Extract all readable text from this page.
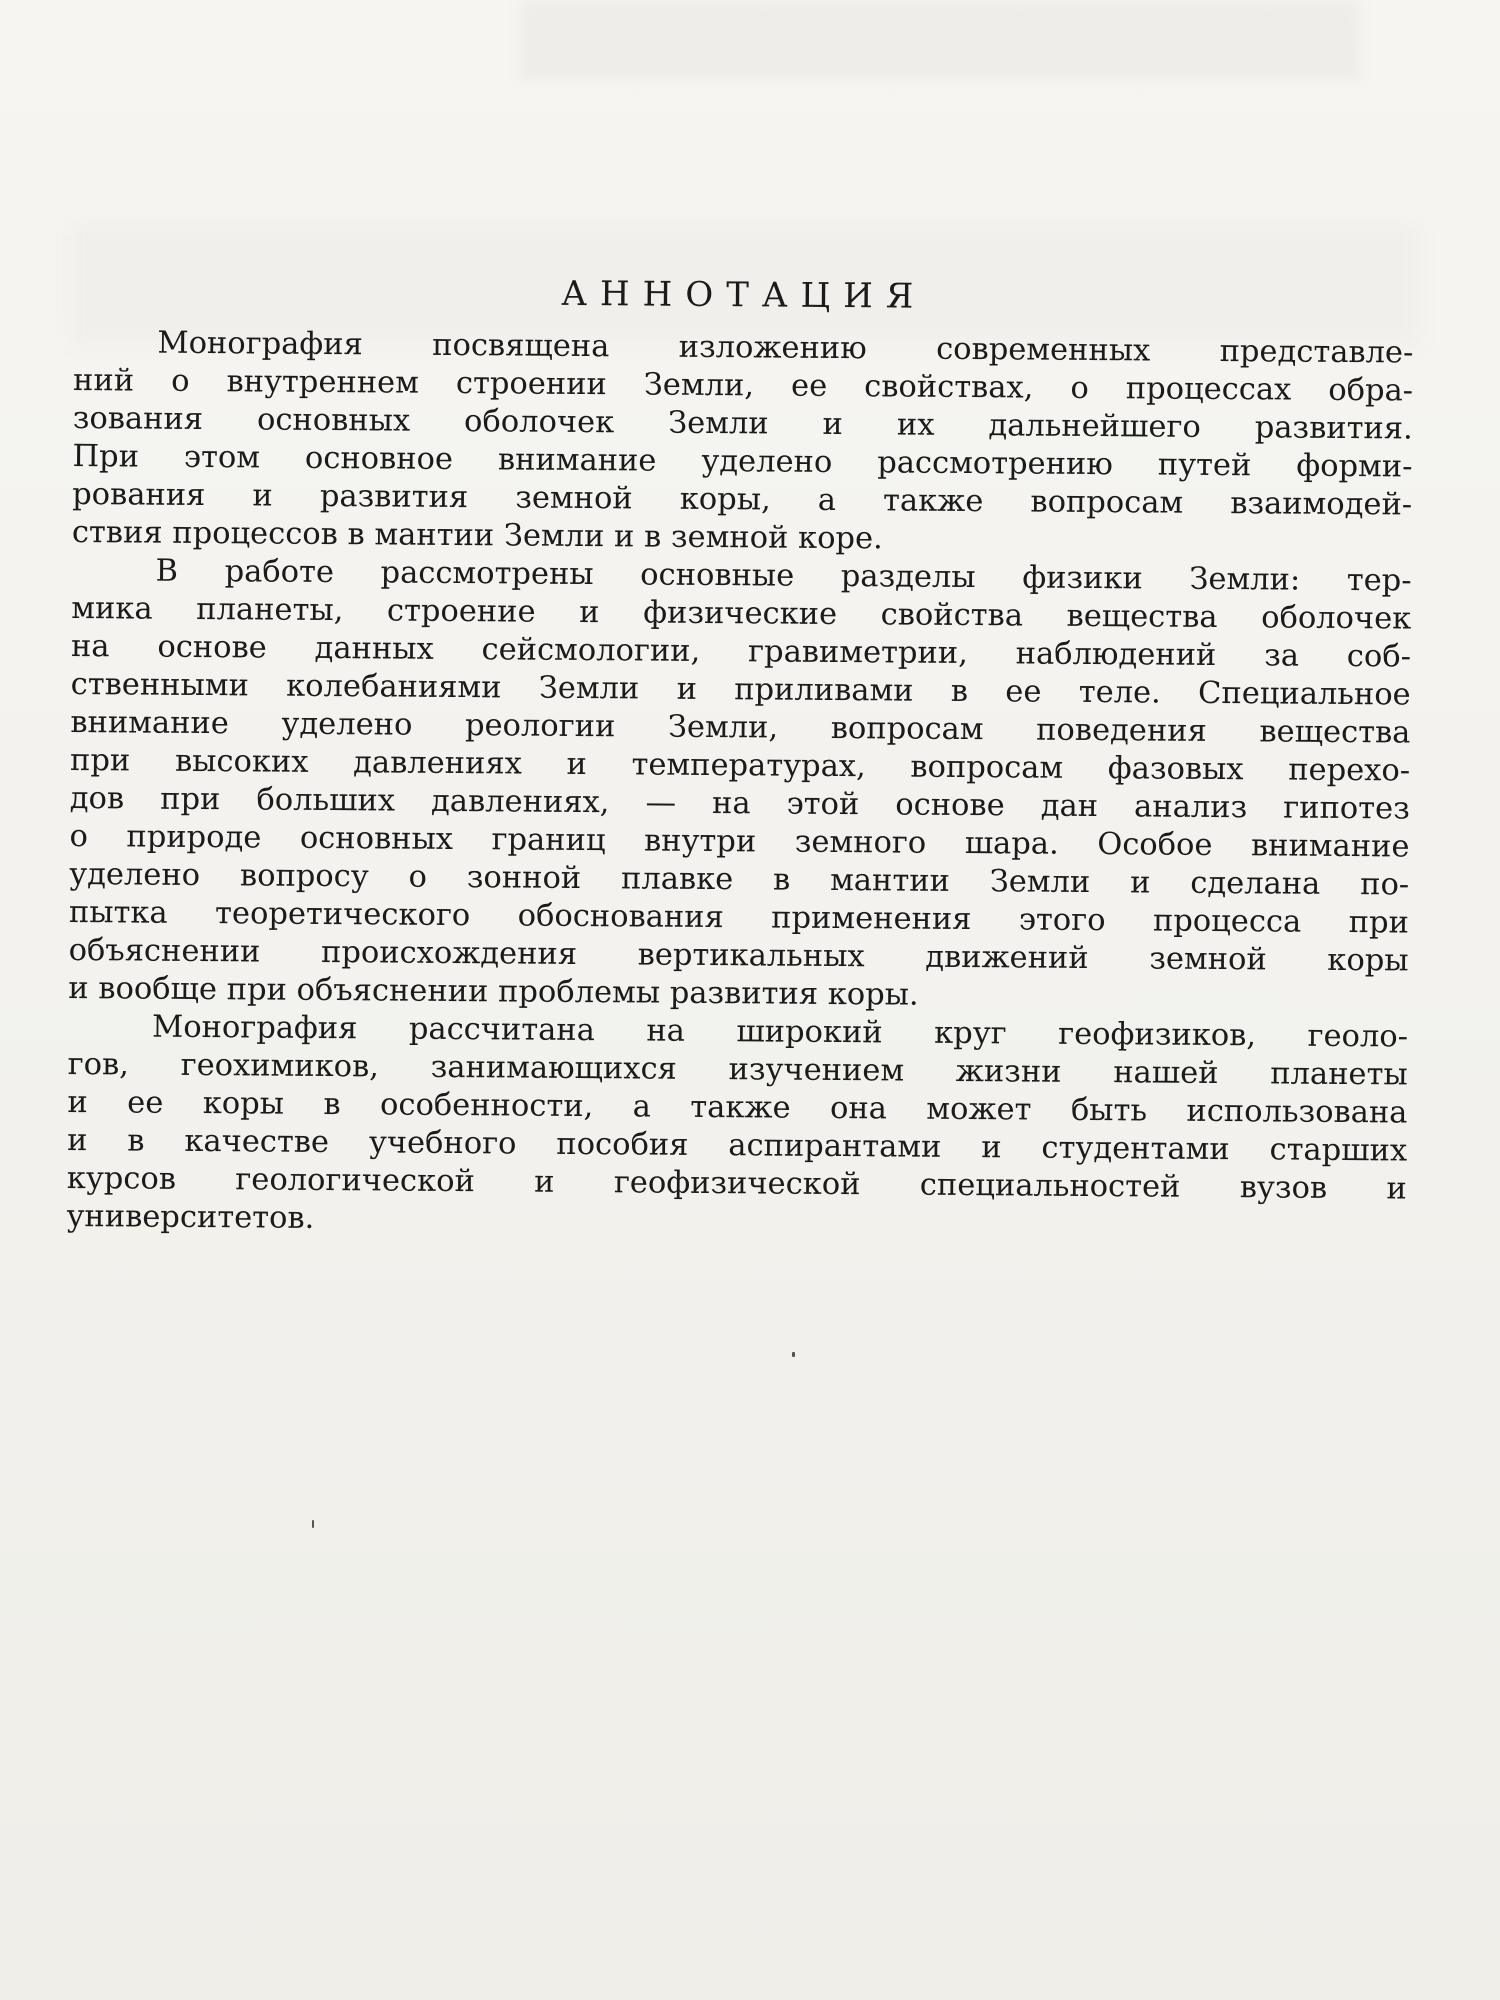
АННОТАЦИЯ

Монография посвящена изложению современных представле-
ний о внутреннем строении Земли, ее свойствах, о процессах обра-
зования основных оболочек Земли и их дальнейшего развития.
При этом основное внимание уделено рассмотрению путей форми-
рования и развития земной коры, а также вопросам взаимодей-
ствия процессов в мантии Земли и в земной коре.

В работе рассмотрены основные разделы физики Земли: тер-
мика планеты, строение и физические свойства вещества оболочек
на основе данных сейсмологии, гравиметрии, наблюдений за соб-
ственными колебаниями Земли и приливами в ее теле. Специальное
внимание уделено реологии Земли, вопросам поведения вещества
при высоких давлениях и температурах, вопросам фазовых перехо-
дов при больших давлениях, — на этой основе дан анализ гипотез
о природе основных границ внутри земного шара. Особое внимание
уделено вопросу о зонной плавке в мантии Земли и сделана по-
пытка теоретического обоснования применения этого процесса при
объяснении происхождения вертикальных движений земной коры
и вообще при объяснении проблемы развития коры.

Монография рассчитана на широкий круг геофизиков, геоло-
гов, геохимиков, занимающихся изучением жизни нашей планеты
и ее коры в особенности, а также она может быть использована
и в качестве учебного пособия аспирантами и студентами старших
курсов геологической и геофизической специальностей вузов и
университетов.
